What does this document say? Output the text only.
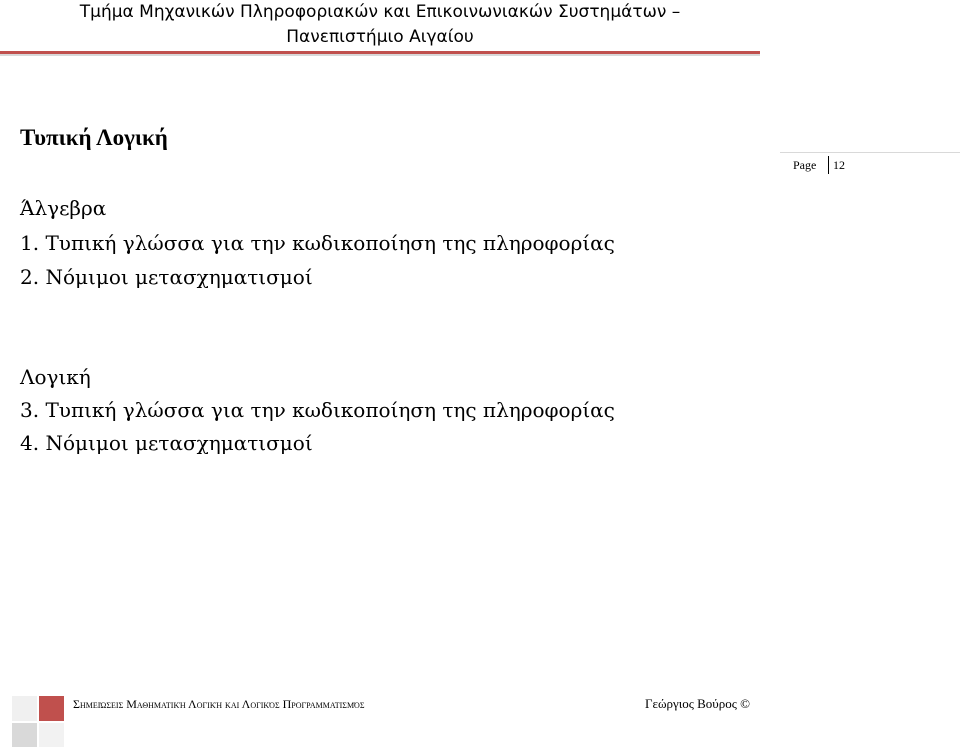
Τμήμα Μηχανικών Πληροφοριακών και Επικοινωνιακών Συστημάτων –
Πανεπιστήμιο Αιγαίου
Page 12
Τυπική Λογική
Άλγεβρα
1. Τυπική γλώσσα για την κωδικοποίηση της πληροφορίας
2. Νόμιμοι μετασχηματισμοί
Λογική
3. Τυπική γλώσσα για την κωδικοποίηση της πληροφορίας
4. Νόμιμοι μετασχηματισμοί
Σημειώσεις Μαθηματική Λογική και Λογικός Προγραμματισμός	Γεώργιος Βούρος ©
